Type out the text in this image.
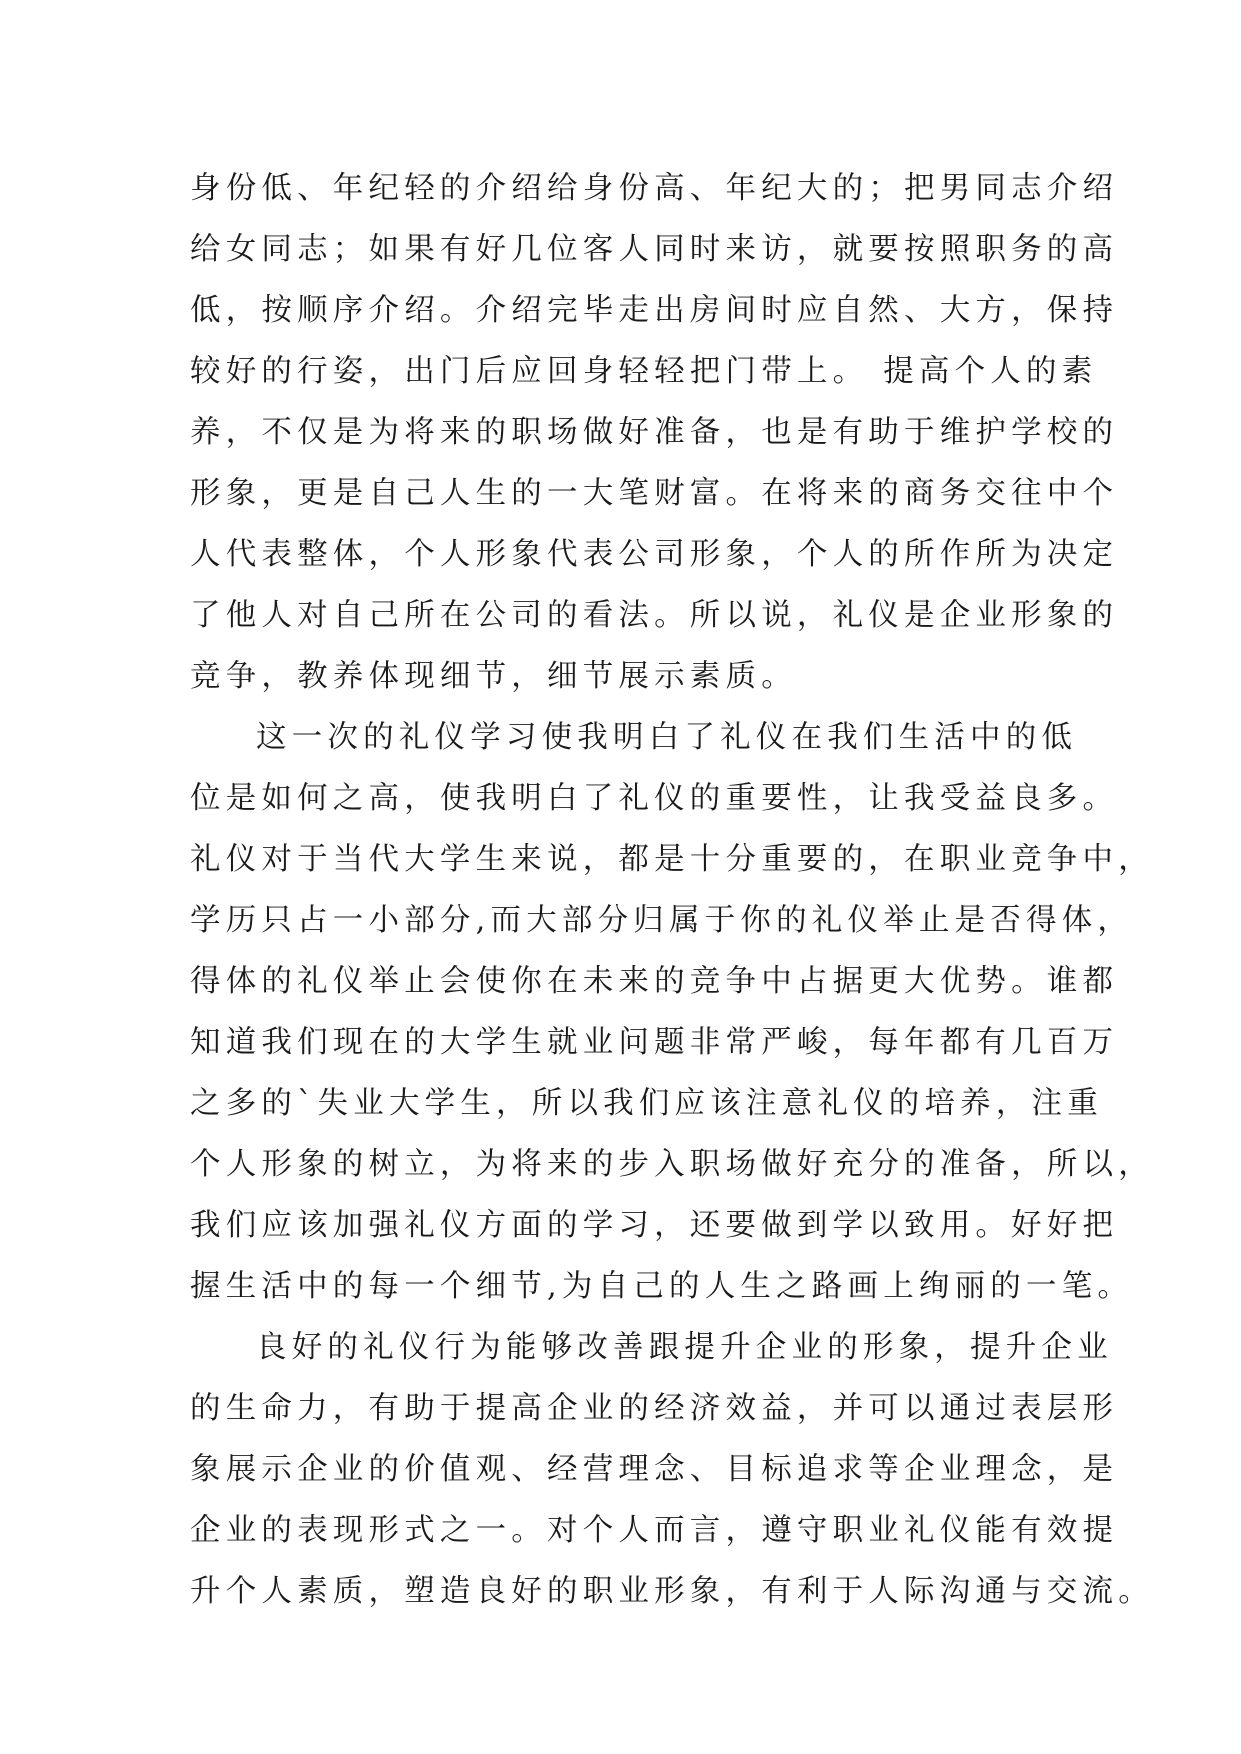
身份低、年纪轻的介绍给身份高、年纪大的；把男同志介绍
给女同志；如果有好几位客人同时来访，就要按照职务的高
低，按顺序介绍。介绍完毕走出房间时应自然、大方，保持
较好的行姿，出门后应回身轻轻把门带上。 提高个人的素
养，不仅是为将来的职场做好准备，也是有助于维护学校的
形象，更是自己人生的一大笔财富。在将来的商务交往中个
人代表整体，个人形象代表公司形象，个人的所作所为决定
了他人对自己所在公司的看法。所以说，礼仪是企业形象的
竞争，教养体现细节，细节展示素质。
这一次的礼仪学习使我明白了礼仪在我们生活中的低
位是如何之高，使我明白了礼仪的重要性，让我受益良多。
礼仪对于当代大学生来说，都是十分重要的，在职业竞争中，
学历只占一小部分,而大部分归属于你的礼仪举止是否得体，
得体的礼仪举止会使你在未来的竞争中占据更大优势。谁都
知道我们现在的大学生就业问题非常严峻，每年都有几百万
之多的`失业大学生，所以我们应该注意礼仪的培养，注重
个人形象的树立，为将来的步入职场做好充分的准备，所以，
我们应该加强礼仪方面的学习，还要做到学以致用。好好把
握生活中的每一个细节,为自己的人生之路画上绚丽的一笔。
良好的礼仪行为能够改善跟提升企业的形象，提升企业
的生命力，有助于提高企业的经济效益，并可以通过表层形
象展示企业的价值观、经营理念、目标追求等企业理念，是
企业的表现形式之一。对个人而言，遵守职业礼仪能有效提
升个人素质，塑造良好的职业形象，有利于人际沟通与交流。
